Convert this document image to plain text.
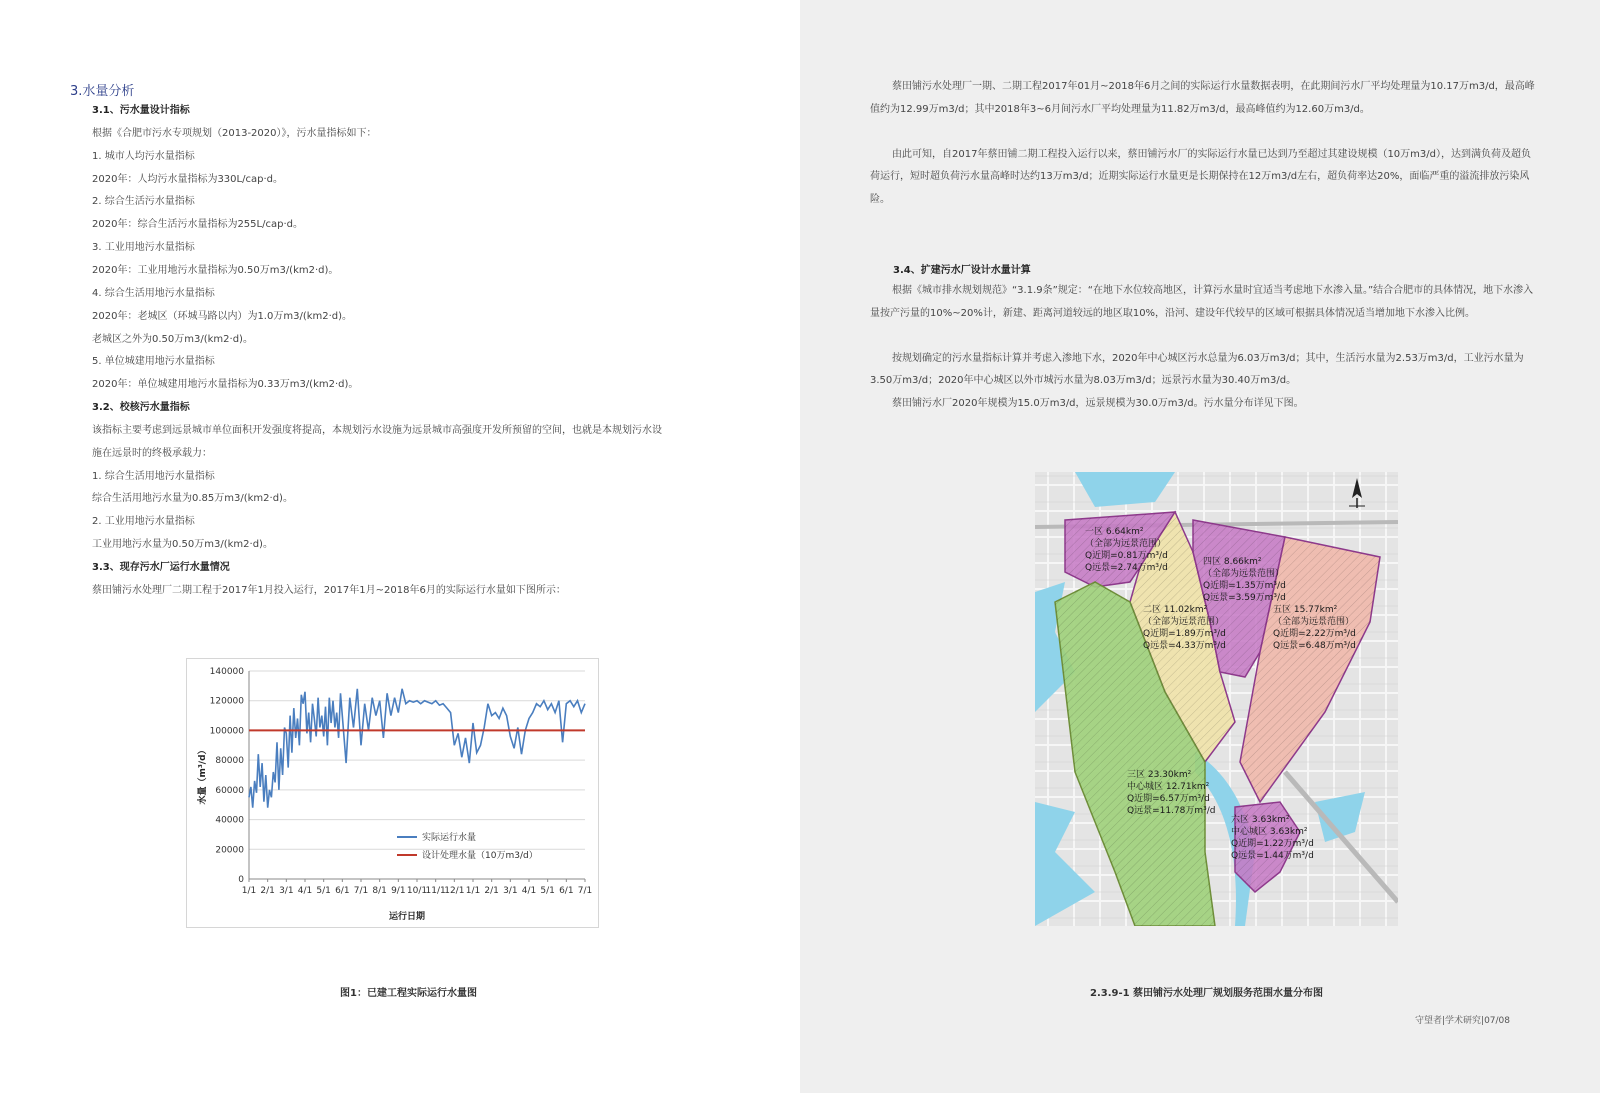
3.水量分析
3.1、污水量设计指标
根据《合肥市污水专项规划（2013-2020）》，污水量指标如下：
1. 城市人均污水量指标
2020年：人均污水量指标为330L/cap·d。
2. 综合生活污水量指标
2020年：综合生活污水量指标为255L/cap·d。
3. 工业用地污水量指标
2020年：工业用地污水量指标为0.50万m3/(km2·d)。
4. 综合生活用地污水量指标
2020年：老城区（环城马路以内）为1.0万m3/(km2·d)。
老城区之外为0.50万m3/(km2·d)。
5. 单位城建用地污水量指标
2020年：单位城建用地污水量指标为0.33万m3/(km2·d)。
3.2、校核污水量指标
该指标主要考虑到远景城市单位面积开发强度将提高，本规划污水设施为远景城市高强度开发所预留的空间，也就是本规划污水设
施在远景时的终极承载力：
1. 综合生活用地污水量指标
综合生活用地污水量为0.85万m3/(km2·d)。
2. 工业用地污水量指标
工业用地污水量为0.50万m3/(km2·d)。
3.3、现存污水厂运行水量情况
蔡田铺污水处理厂二期工程于2017年1月投入运行，2017年1月~2018年6月的实际运行水量如下图所示：
0
20000
40000
60000
80000
100000
120000
140000
1/1 2/1 3/1 4/1 5/1 6/1 7/1 8/1 9/1 10/1
11/1
12/1 1/1 2/1 3/1 4/1 5/1 6/1 7/1
水量（m³/d）
运行日期
实际运行水量
设计处理水量（10万m3/d）
图1：已建工程实际运行水量图
蔡田铺污水处理厂一期、二期工程2017年01月~2018年6月之间的实际运行水量数据表明，在此期间污水厂平均处理量为10.17万m3/d，最高峰值约为12.99万m3/d；其中2018年3~6月间污水厂平均处理量为11.82万m3/d，最高峰值约为12.60万m3/d。
由此可知，自2017年蔡田铺二期工程投入运行以来，蔡田铺污水厂的实际运行水量已达到乃至超过其建设规模（10万m3/d），达到满负荷及超负荷运行，短时超负荷污水量高峰时达约13万m3/d；近期实际运行水量更是长期保持在12万m3/d左右，超负荷率达20%，面临严重的溢流排放污染风险。
3.4、扩建污水厂设计水量计算
根据《城市排水规划规范》“3.1.9条”规定：“在地下水位较高地区，计算污水量时宜适当考虑地下水渗入量。”结合合肥市的具体情况，地下水渗入量按产污量的10%~20%计，新建、距离河道较远的地区取10%，沿河、建设年代较早的区域可根据具体情况适当增加地下水渗入比例。
按规划确定的污水量指标计算并考虑入渗地下水，2020年中心城区污水总量为6.03万m3/d；其中，生活污水量为2.53万m3/d，工业污水量为3.50万m3/d；2020年中心城区以外市城污水量为8.03万m3/d；远景污水量为30.40万m3/d。
蔡田铺污水厂2020年规模为15.0万m3/d，远景规模为30.0万m3/d。污水量分布详见下图。
一区 6.64km²
（全部为远景范围）
Q近期=0.81万m³/d
Q远景=2.74万m³/d
二区 11.02km²
（全部为远景范围）
Q近期=1.89万m³/d
Q远景=4.33万m³/d
四区 8.66km²
（全部为远景范围）
Q近期=1.35万m³/d
Q远景=3.59万m³/d
五区 15.77km²
（全部为远景范围）
Q近期=2.22万m³/d
Q远景=6.48万m³/d
三区 23.30km²
中心城区 12.71km²
Q近期=6.57万m³/d
Q远景=11.78万m³/d
六区 3.63km²
中心城区 3.63km²
Q近期=1.22万m³/d
Q远景=1.44万m³/d
2.3.9-1 蔡田铺污水处理厂规划服务范围水量分布图
守望者|学术研究|07/08
